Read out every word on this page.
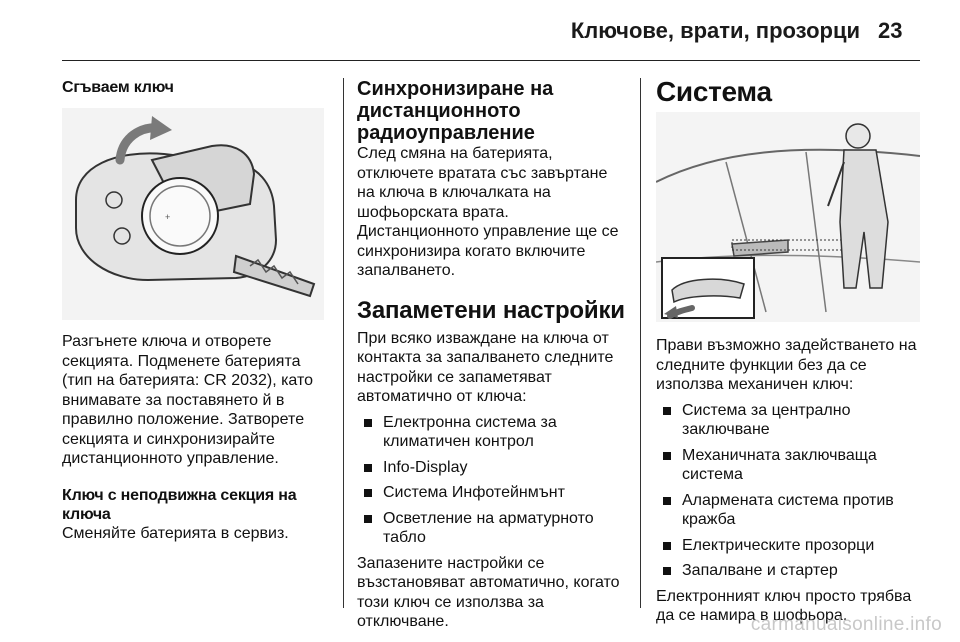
Ключове, врати, прозорци 23

Сгъваем ключ

+

Разгънете ключа и отворете секцията. Подменете батерията (тип на батерията: CR 2032), като внимавате за поставянето й в правилно положение. Затворете секцията и синхронизирайте дистанционното управление.

Ключ с неподвижна секция на ключа

Сменяйте батерията в сервиз.

Синхронизиране на дистанционното радиоуправление

След смяна на батерията, отключете вратата със завъртане на ключа в ключалката на шофьорската врата. Дистанционното управление ще се синхронизира когато включите запалването.

Запаметени настройки

При всяко изваждане на ключа от контакта за запалването следните настройки се запаметяват автоматично от ключа:

Електронна система за климатичен контрол
Info-Display
Система Инфотейнмънт
Осветление на арматурното табло

Запазените настройки се възстановяват автоматично, когато този ключ се използва за отключване.

Система

Прави възможно задействането на следните функции без да се използва механичен ключ:

Система за централно заключване
Механичната заключваща система
Алармената система против кражба
Електрическите прозорци
Запалване и стартер

Електронният ключ просто трябва да се намира в шофьора.

carmanualsonline.info
